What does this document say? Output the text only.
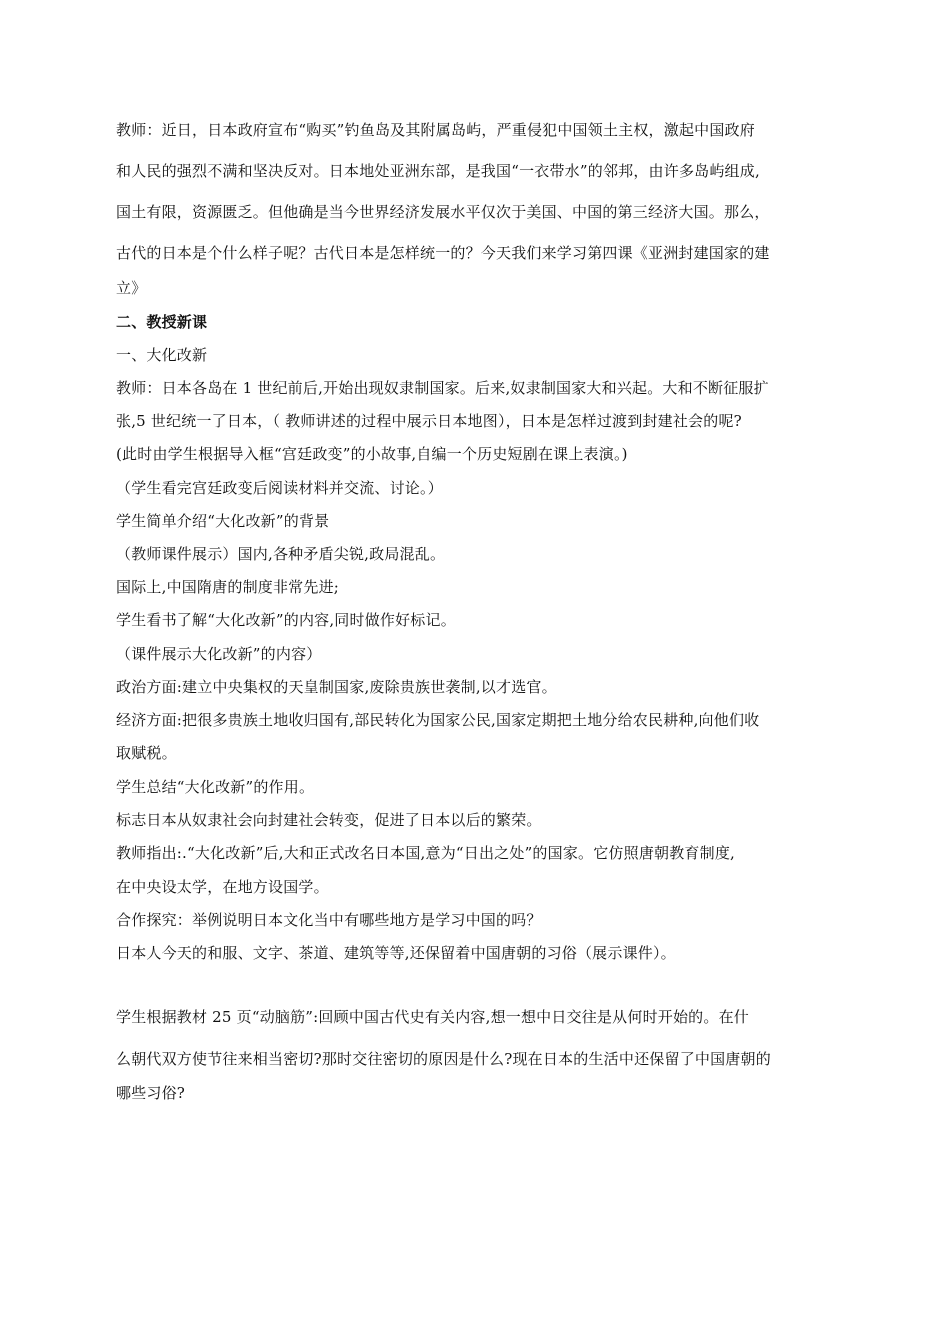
教师：近日，日本政府宣布“购买”钓鱼岛及其附属岛屿，严重侵犯中国领土主权，激起中国政府
和人民的强烈不满和坚决反对。日本地处亚洲东部，是我国“一衣带水”的邻邦，由许多岛屿组成,
国土有限，资源匮乏。但他确是当今世界经济发展水平仅次于美国、中国的第三经济大国。那么，
古代的日本是个什么样子呢？古代日本是怎样统一的？今天我们来学习第四课《亚洲封建国家的建
立》
二、教授新课
一、大化改新
教师：日本各岛在 1 世纪前后,开始出现奴隶制国家。后来,奴隶制国家大和兴起。大和不断征服扩
张,5 世纪统一了日本，（ 教师讲述的过程中展示日本地图），日本是怎样过渡到封建社会的呢?
(此时由学生根据导入框“宫廷政变”的小故事,自编一个历史短剧在课上表演。)
（学生看完宫廷政变后阅读材料并交流、讨论。）
学生简单介绍“大化改新”的背景
（教师课件展示）国内,各种矛盾尖锐,政局混乱。
国际上,中国隋唐的制度非常先进;
学生看书了解“大化改新”的内容,同时做作好标记。
（课件展示大化改新”的内容）
政治方面:建立中央集权的天皇制国家,废除贵族世袭制,以才选官。
经济方面:把很多贵族土地收归国有,部民转化为国家公民,国家定期把土地分给农民耕种,向他们收
取赋税。
学生总结“大化改新”的作用。
标志日本从奴隶社会向封建社会转变，促进了日本以后的繁荣。
教师指出:.“大化改新”后,大和正式改名日本国,意为“日出之处”的国家。它仿照唐朝教育制度,
在中央设太学，在地方设国学。
合作探究：举例说明日本文化当中有哪些地方是学习中国的吗？
日本人今天的和服、文字、茶道、建筑等等,还保留着中国唐朝的习俗（展示课件）。
学生根据教材 25 页“动脑筋”:回顾中国古代史有关内容,想一想中日交往是从何时开始的。在什
么朝代双方使节往来相当密切?那时交往密切的原因是什么?现在日本的生活中还保留了中国唐朝的
哪些习俗?
